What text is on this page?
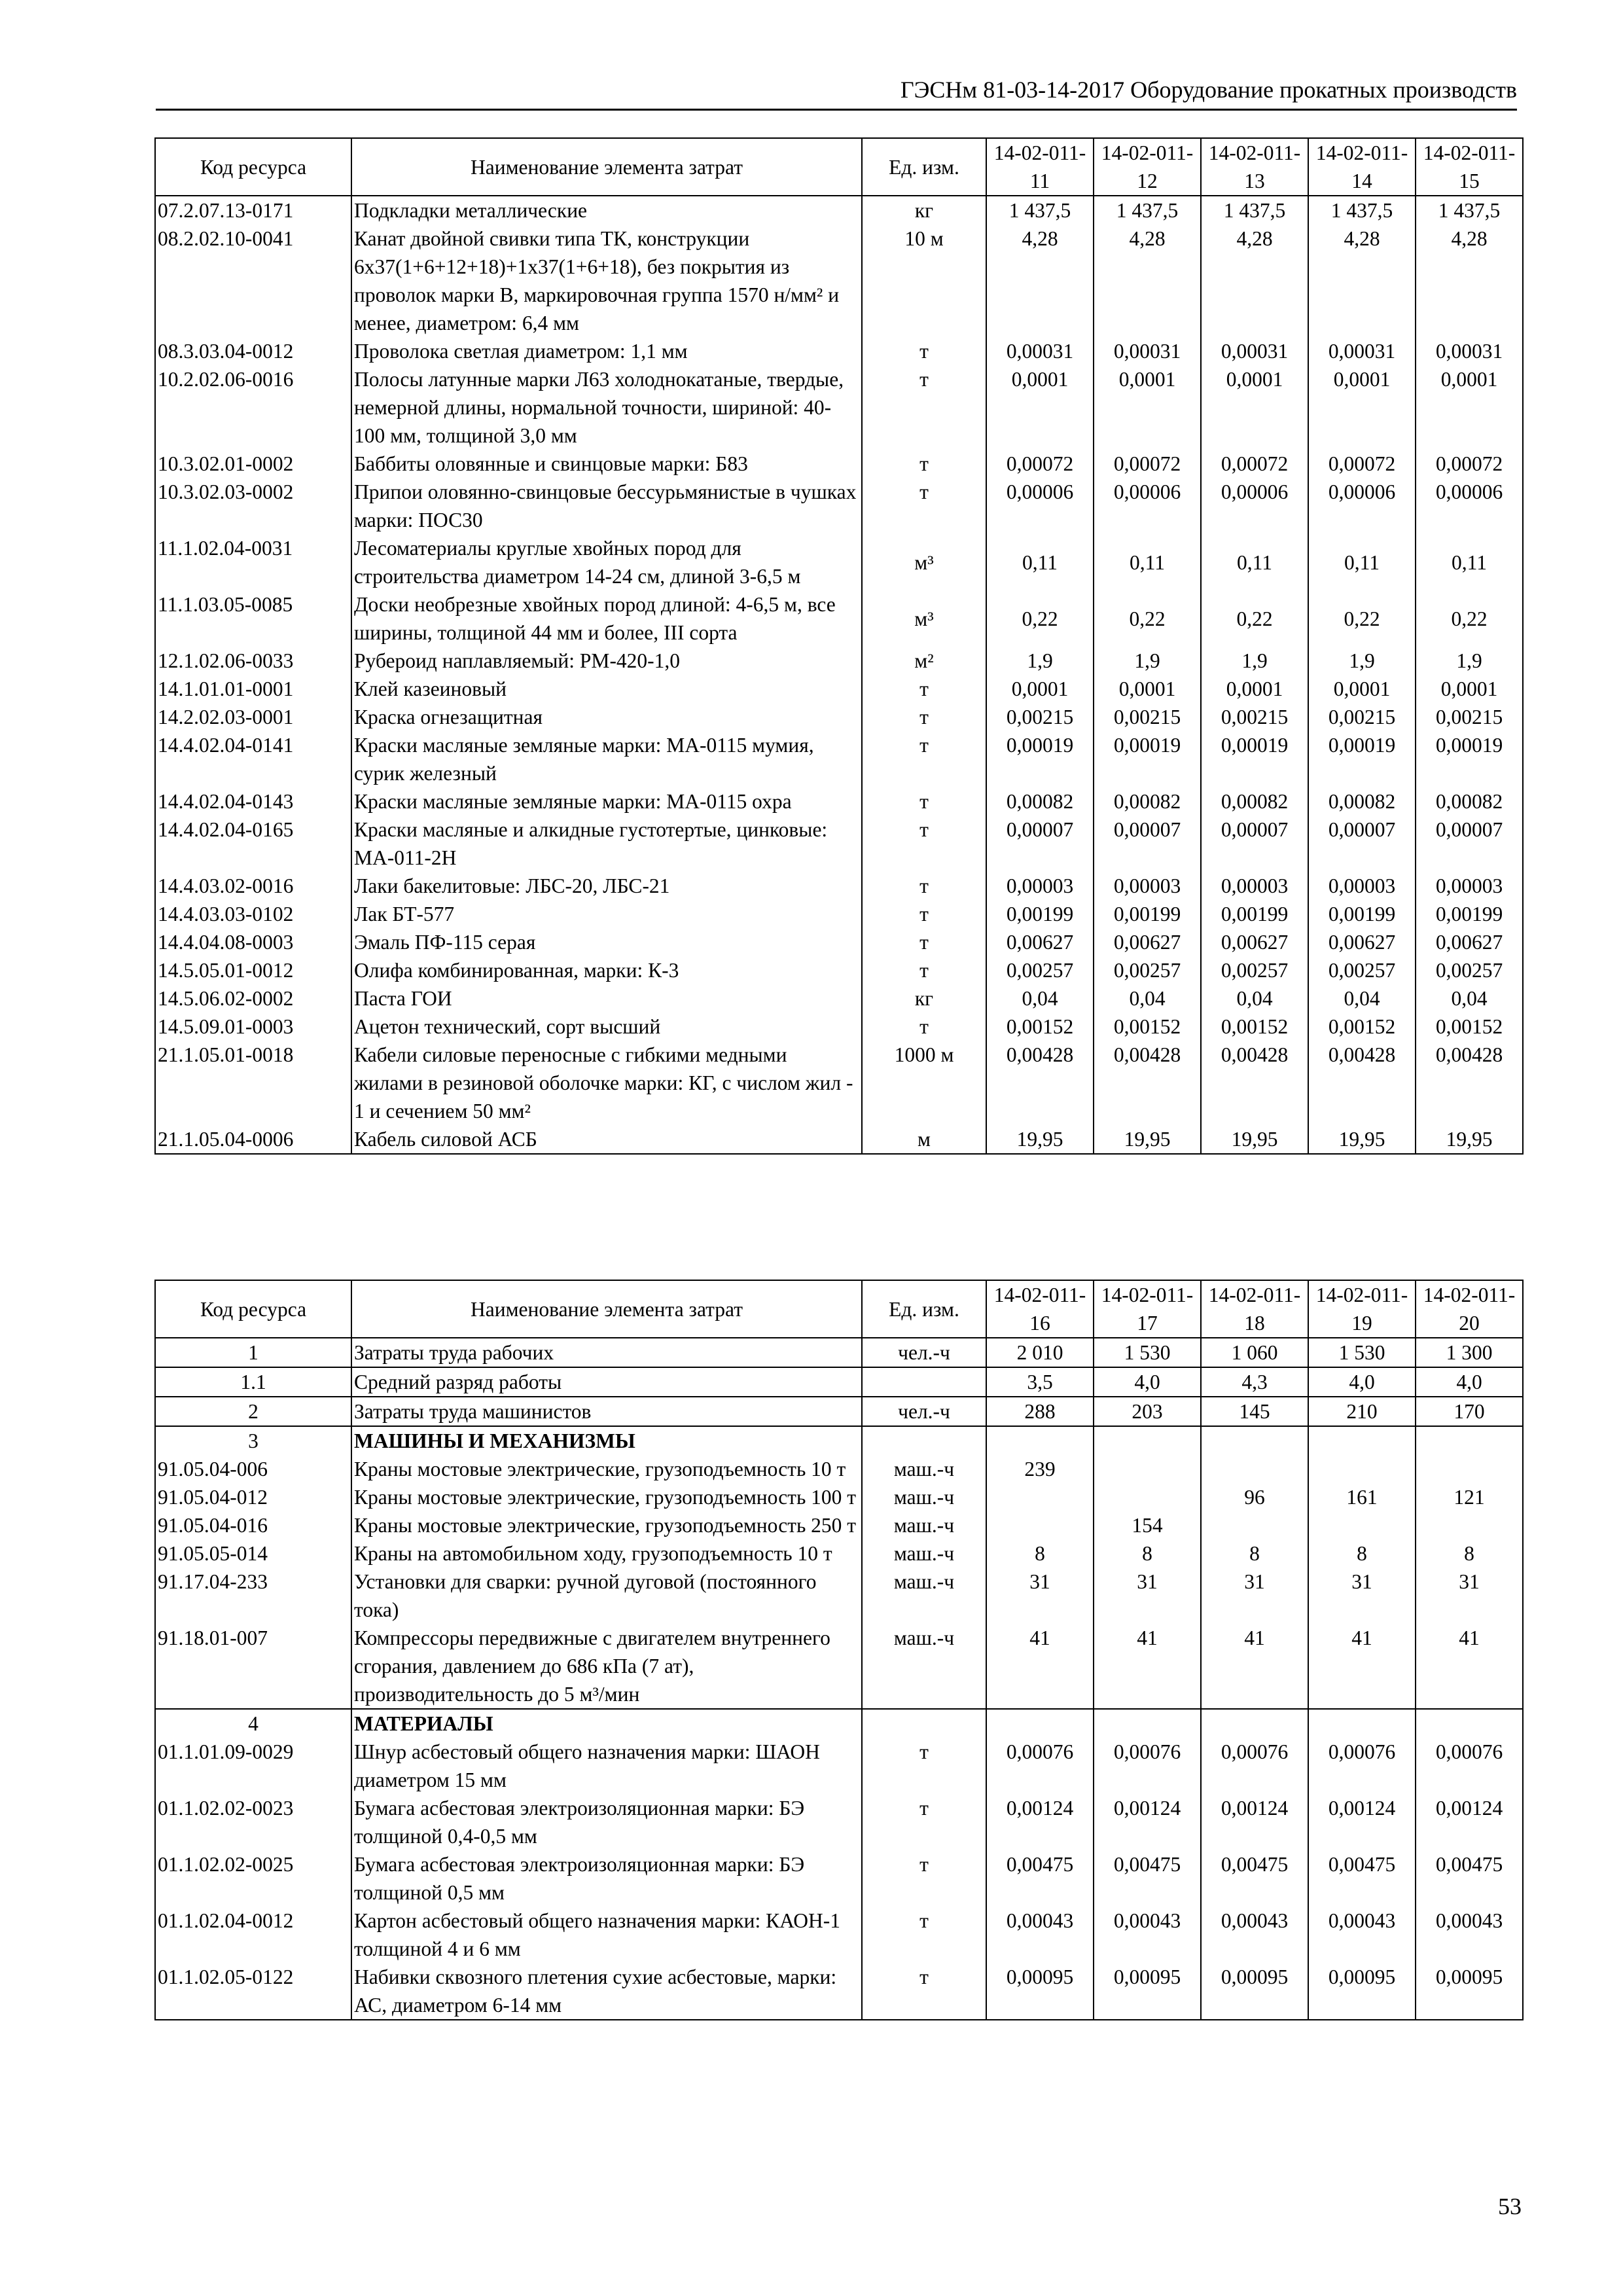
ГЭСНм 81-03-14-2017 Оборудование прокатных производств
Код ресурса	Наименование элемента затрат	Ед. изм.	14-02-011-11	14-02-011-12	14-02-011-13	14-02-011-14	14-02-011-15
07.2.07.13-0171	Подкладки металлические	кг	1 437,5	1 437,5	1 437,5	1 437,5	1 437,5
08.2.02.10-0041	Канат двойной свивки типа ТК, конструкции 6х37(1+6+12+18)+1х37(1+6+18), без покрытия из проволок марки В, маркировочная группа 1570 н/мм² и менее, диаметром: 6,4 мм	10 м	4,28	4,28	4,28	4,28	4,28
08.3.03.04-0012	Проволока светлая диаметром: 1,1 мм	т	0,00031	0,00031	0,00031	0,00031	0,00031
10.2.02.06-0016	Полосы латунные марки Л63 холоднокатаные, твердые, немерной длины, нормальной точности, шириной: 40-100 мм, толщиной 3,0 мм	т	0,0001	0,0001	0,0001	0,0001	0,0001
10.3.02.01-0002	Баббиты оловянные и свинцовые марки: Б83	т	0,00072	0,00072	0,00072	0,00072	0,00072
10.3.02.03-0002	Припои оловянно-свинцовые бессурьмянистые в чушках марки: ПОС30	т	0,00006	0,00006	0,00006	0,00006	0,00006
11.1.02.04-0031	Лесоматериалы круглые хвойных пород для строительства диаметром 14-24 см, длиной 3-6,5 м	м³	0,11	0,11	0,11	0,11	0,11
11.1.03.05-0085	Доски необрезные хвойных пород длиной: 4-6,5 м, все ширины, толщиной 44 мм и более, III сорта	м³	0,22	0,22	0,22	0,22	0,22
12.1.02.06-0033	Рубероид наплавляемый: РМ-420-1,0	м²	1,9	1,9	1,9	1,9	1,9
14.1.01.01-0001	Клей казеиновый	т	0,0001	0,0001	0,0001	0,0001	0,0001
14.2.02.03-0001	Краска огнезащитная	т	0,00215	0,00215	0,00215	0,00215	0,00215
14.4.02.04-0141	Краски масляные земляные марки: МА-0115 мумия, сурик железный	т	0,00019	0,00019	0,00019	0,00019	0,00019
14.4.02.04-0143	Краски масляные земляные марки: МА-0115 охра	т	0,00082	0,00082	0,00082	0,00082	0,00082
14.4.02.04-0165	Краски масляные и алкидные густотертые, цинковые: МА-011-2Н	т	0,00007	0,00007	0,00007	0,00007	0,00007
14.4.03.02-0016	Лаки бакелитовые: ЛБС-20, ЛБС-21	т	0,00003	0,00003	0,00003	0,00003	0,00003
14.4.03.03-0102	Лак БТ-577	т	0,00199	0,00199	0,00199	0,00199	0,00199
14.4.04.08-0003	Эмаль ПФ-115 серая	т	0,00627	0,00627	0,00627	0,00627	0,00627
14.5.05.01-0012	Олифа комбинированная, марки: К-3	т	0,00257	0,00257	0,00257	0,00257	0,00257
14.5.06.02-0002	Паста ГОИ	кг	0,04	0,04	0,04	0,04	0,04
14.5.09.01-0003	Ацетон технический, сорт высший	т	0,00152	0,00152	0,00152	0,00152	0,00152
21.1.05.01-0018	Кабели силовые переносные с гибкими медными жилами в резиновой оболочке марки: КГ, с числом жил - 1 и сечением 50 мм²	1000 м	0,00428	0,00428	0,00428	0,00428	0,00428
21.1.05.04-0006	Кабель силовой АСБ	м	19,95	19,95	19,95	19,95	19,95
Код ресурса	Наименование элемента затрат	Ед. изм.	14-02-011-16	14-02-011-17	14-02-011-18	14-02-011-19	14-02-011-20
1	Затраты труда рабочих	чел.-ч	2 010	1 530	1 060	1 530	1 300
1.1	Средний разряд работы		3,5	4,0	4,3	4,0	4,0
2	Затраты труда машинистов	чел.-ч	288	203	145	210	170
3	МАШИНЫ И МЕХАНИЗМЫ						
91.05.04-006	Краны мостовые электрические, грузоподъемность 10 т	маш.-ч	239				
91.05.04-012	Краны мостовые электрические, грузоподъемность 100 т	маш.-ч			96	161	121
91.05.04-016	Краны мостовые электрические, грузоподъемность 250 т	маш.-ч		154			
91.05.05-014	Краны на автомобильном ходу, грузоподъемность 10 т	маш.-ч	8	8	8	8	8
91.17.04-233	Установки для сварки: ручной дуговой (постоянного тока)	маш.-ч	31	31	31	31	31
91.18.01-007	Компрессоры передвижные с двигателем внутреннего сгорания, давлением до 686 кПа (7 ат), производительность до 5 м³/мин	маш.-ч	41	41	41	41	41
4	МАТЕРИАЛЫ						
01.1.01.09-0029	Шнур асбестовый общего назначения марки: ШАОН диаметром 15 мм	т	0,00076	0,00076	0,00076	0,00076	0,00076
01.1.02.02-0023	Бумага асбестовая электроизоляционная марки: БЭ толщиной 0,4-0,5 мм	т	0,00124	0,00124	0,00124	0,00124	0,00124
01.1.02.02-0025	Бумага асбестовая электроизоляционная марки: БЭ толщиной 0,5 мм	т	0,00475	0,00475	0,00475	0,00475	0,00475
01.1.02.04-0012	Картон асбестовый общего назначения марки: КАОН-1 толщиной 4 и 6 мм	т	0,00043	0,00043	0,00043	0,00043	0,00043
01.1.02.05-0122	Набивки сквозного плетения сухие асбестовые, марки: АС, диаметром 6-14 мм	т	0,00095	0,00095	0,00095	0,00095	0,00095
53
